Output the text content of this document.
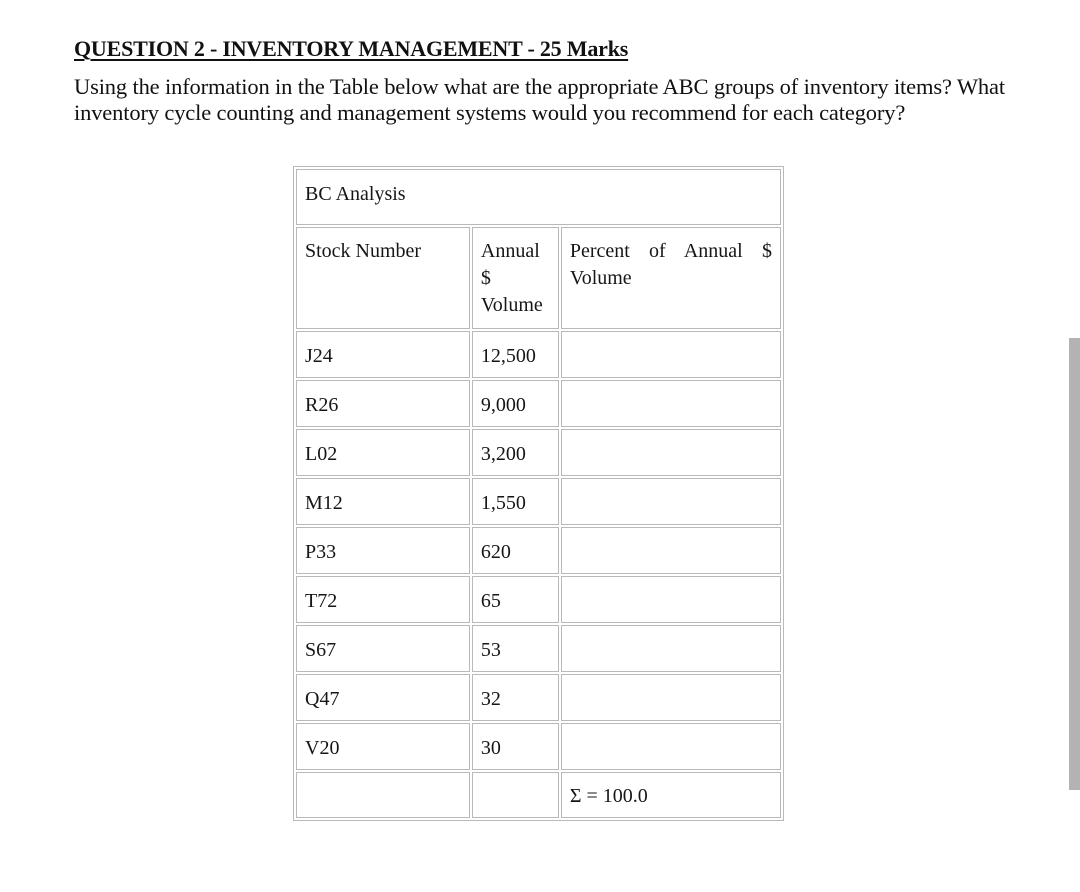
QUESTION 2 - INVENTORY MANAGEMENT - 25 Marks
Using the information in the Table below what are the appropriate ABC groups of inventory items? What inventory cycle counting and management systems would you recommend for each category?
BC Analysis		
Stock Number	Annual $ Volume	Percent of Annual $ Volume
J24	12,500	
R26	9,000	
L02	3,200	
M12	1,550	
P33	620	
T72	65	
S67	53	
Q47	32	
V20	30	
		Σ = 100.0
